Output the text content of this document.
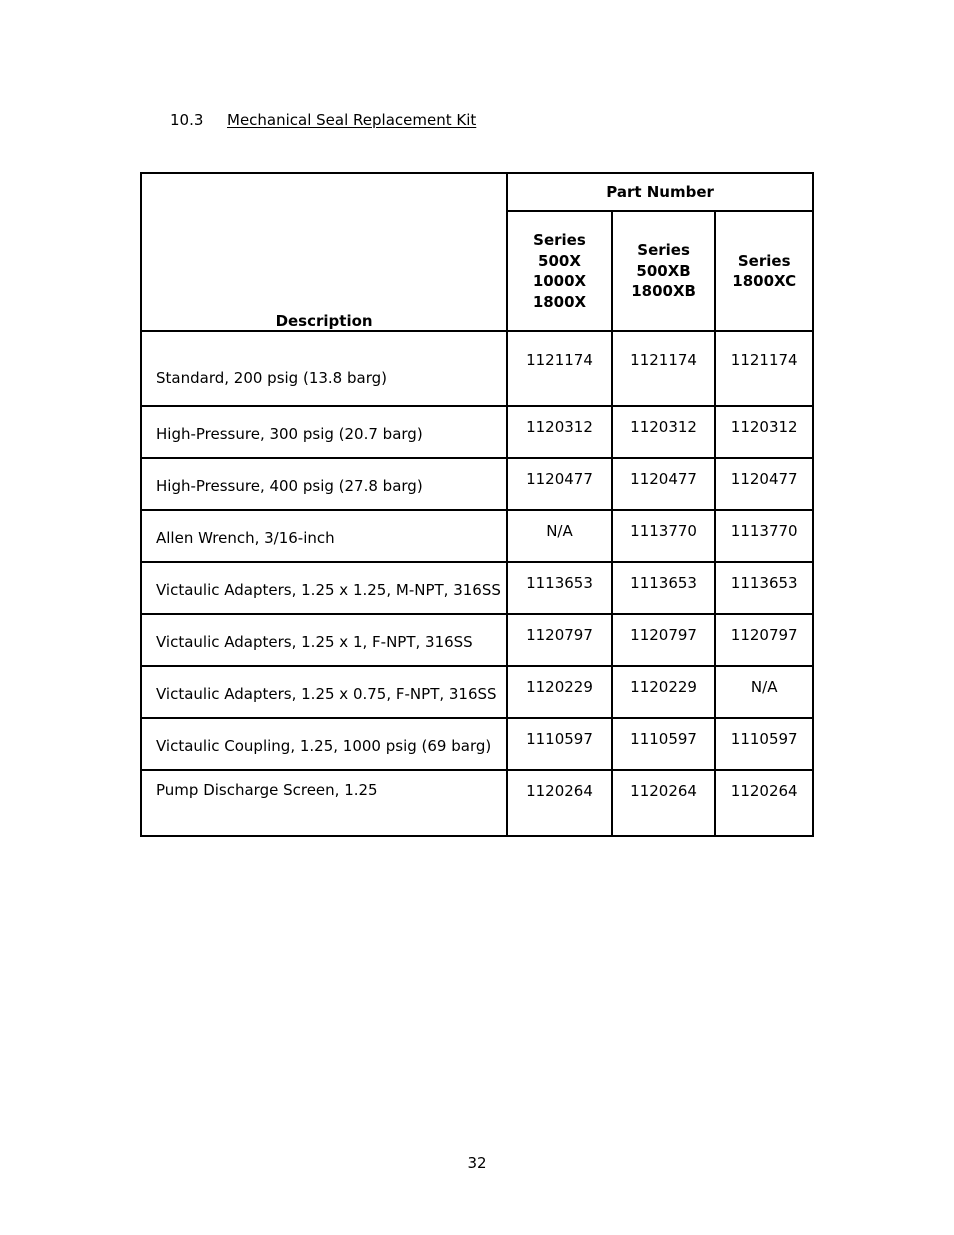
10.3 Mechanical Seal Replacement Kit
Description	Part Number		

	Series
500X
1000X
1800X	Series
500XB
1800XB	Series
1800XC

Standard, 200 psig (13.8 barg)	1121174	1121174	1121174
High-Pressure, 300 psig (20.7 barg)	1120312	1120312	1120312
High-Pressure, 400 psig (27.8 barg)	1120477	1120477	1120477
Allen Wrench, 3/16-inch	N/A	1113770	1113770
Victaulic Adapters, 1.25 x 1.25, M-NPT, 316SS	1113653	1113653	1113653
Victaulic Adapters, 1.25 x 1, F-NPT, 316SS	1120797	1120797	1120797
Victaulic Adapters, 1.25 x 0.75, F-NPT, 316SS	1120229	1120229	N/A
Victaulic Coupling, 1.25, 1000 psig (69 barg)	1110597	1110597	1110597
Pump Discharge Screen, 1.25	1120264	1120264	1120264
32
